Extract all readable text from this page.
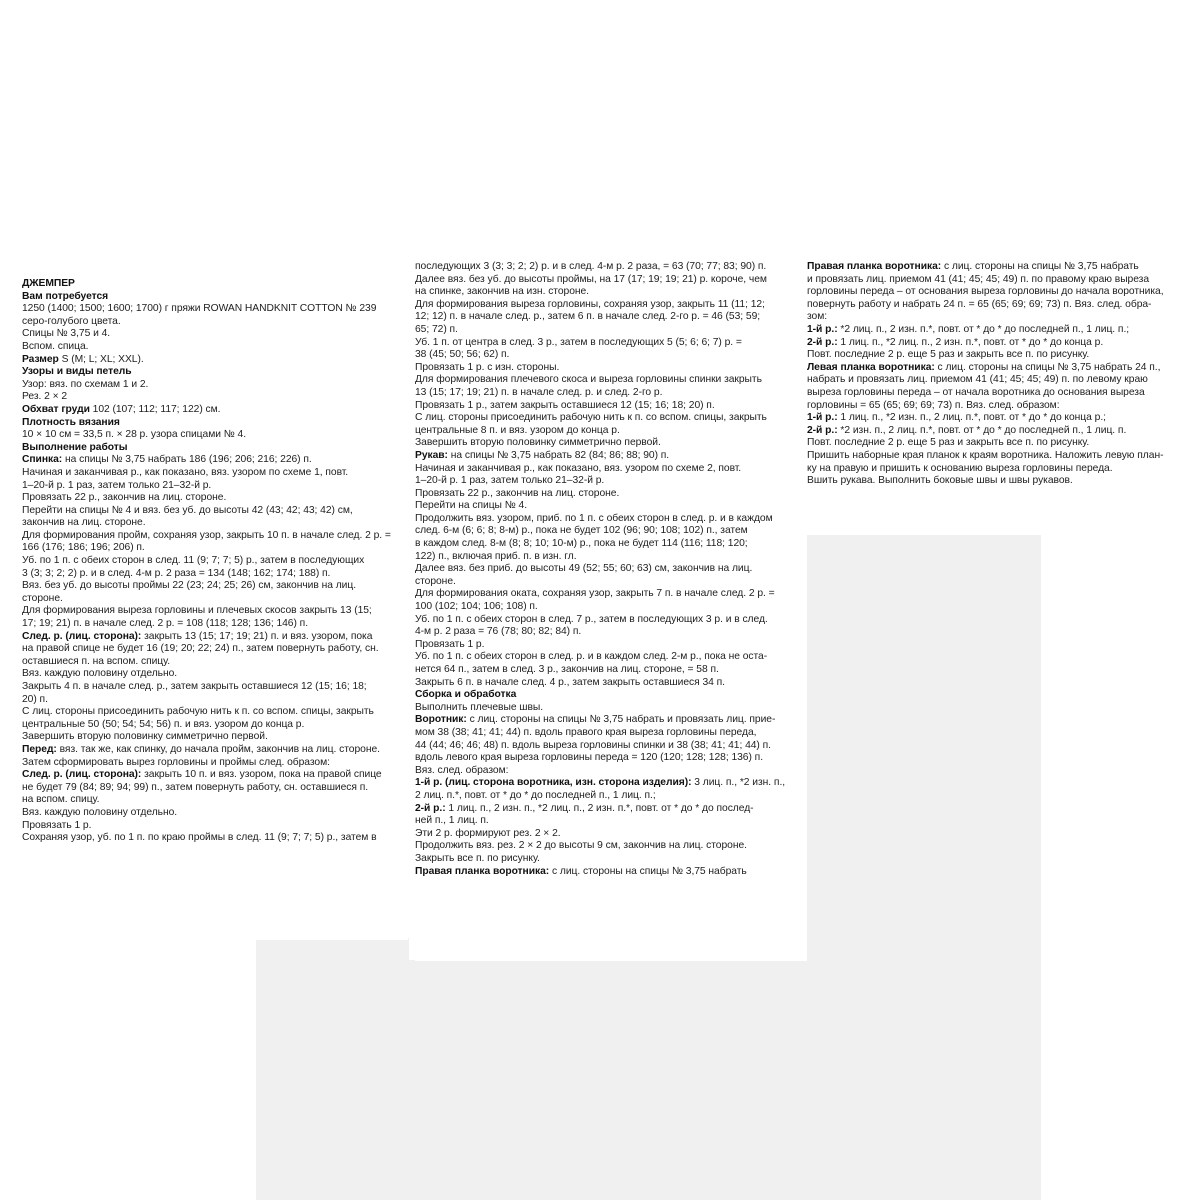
ДЖЕМПЕР
Вам потребуется
1250 (1400; 1500; 1600; 1700) г пряжи ROWAN HANDKNIT COTTON № 239
серо-голубого цвета.
Спицы № 3,75 и 4.
Вспом. спица.
Размер S (M; L; XL; XXL).
Узоры и виды петель
Узор: вяз. по схемам 1 и 2.
Рез. 2 × 2
Обхват груди 102 (107; 112; 117; 122) см.
Плотность вязания
10 × 10 см = 33,5 п. × 28 р. узора спицами № 4.
Выполнение работы
Спинка: на спицы № 3,75 набрать 186 (196; 206; 216; 226) п.
Начиная и заканчивая р., как показано, вяз. узором по схеме 1, повт.
1–20-й р. 1 раз, затем только 21–32-й р.
Провязать 22 р., закончив на лиц. стороне.
Перейти на спицы № 4 и вяз. без уб. до высоты 42 (43; 42; 43; 42) см,
закончив на лиц. стороне.
Для формирования пройм, сохраняя узор, закрыть 10 п. в начале след. 2 р. =
166 (176; 186; 196; 206) п.
Уб. по 1 п. с обеих сторон в след. 11 (9; 7; 7; 5) р., затем в последующих
3 (3; 3; 2; 2) р. и в след. 4-м р. 2 раза = 134 (148; 162; 174; 188) п.
Вяз. без уб. до высоты проймы 22 (23; 24; 25; 26) см, закончив на лиц.
стороне.
Для формирования выреза горловины и плечевых скосов закрыть 13 (15;
17; 19; 21) п. в начале след. 2 р. = 108 (118; 128; 136; 146) п.
След. р. (лиц. сторона): закрыть 13 (15; 17; 19; 21) п. и вяз. узором, пока
на правой спице не будет 16 (19; 20; 22; 24) п., затем повернуть работу, сн.
оставшиеся п. на вспом. спицу.
Вяз. каждую половину отдельно.
Закрыть 4 п. в начале след. р., затем закрыть оставшиеся 12 (15; 16; 18;
20) п.
С лиц. стороны присоединить рабочую нить к п. со вспом. спицы, закрыть
центральные 50 (50; 54; 54; 56) п. и вяз. узором до конца р.
Завершить вторую половинку симметрично первой.
Перед: вяз. так же, как спинку, до начала пройм, закончив на лиц. стороне.
Затем сформировать вырез горловины и проймы след. образом:
След. р. (лиц. сторона): закрыть 10 п. и вяз. узором, пока на правой спице
не будет 79 (84; 89; 94; 99) п., затем повернуть работу, сн. оставшиеся п.
на вспом. спицу.
Вяз. каждую половину отдельно.
Провязать 1 р.
Сохраняя узор, уб. по 1 п. по краю проймы в след. 11 (9; 7; 7; 5) р., затем в
последующих 3 (3; 3; 2; 2) р. и в след. 4-м р. 2 раза, = 63 (70; 77; 83; 90) п.
Далее вяз. без уб. до высоты проймы, на 17 (17; 19; 19; 21) р. короче, чем
на спинке, закончив на изн. стороне.
Для формирования выреза горловины, сохраняя узор, закрыть 11 (11; 12;
12; 12) п. в начале след. р., затем 6 п. в начале след. 2-го р. = 46 (53; 59;
65; 72) п.
Уб. 1 п. от центра в след. 3 р., затем в последующих 5 (5; 6; 6; 7) р. =
38 (45; 50; 56; 62) п.
Провязать 1 р. с изн. стороны.
Для формирования плечевого скоса и выреза горловины спинки закрыть
13 (15; 17; 19; 21) п. в начале след. р. и след. 2-го р.
Провязать 1 р., затем закрыть оставшиеся 12 (15; 16; 18; 20) п.
С лиц. стороны присоединить рабочую нить к п. со вспом. спицы, закрыть
центральные 8 п. и вяз. узором до конца р.
Завершить вторую половинку симметрично первой.
Рукав: на спицы № 3,75 набрать 82 (84; 86; 88; 90) п.
Начиная и заканчивая р., как показано, вяз. узором по схеме 2, повт.
1–20-й р. 1 раз, затем только 21–32-й р.
Провязать 22 р., закончив на лиц. стороне.
Перейти на спицы № 4.
Продолжить вяз. узором, приб. по 1 п. с обеих сторон в след. р. и в каждом
след. 6-м (6; 6; 8; 8-м) р., пока не будет 102 (96; 90; 108; 102) п., затем
в каждом след. 8-м (8; 8; 10; 10-м) р., пока не будет 114 (116; 118; 120;
122) п., включая приб. п. в изн. гл.
Далее вяз. без приб. до высоты 49 (52; 55; 60; 63) см, закончив на лиц.
стороне.
Для формирования оката, сохраняя узор, закрыть 7 п. в начале след. 2 р. =
100 (102; 104; 106; 108) п.
Уб. по 1 п. с обеих сторон в след. 7 р., затем в последующих 3 р. и в след.
4-м р. 2 раза = 76 (78; 80; 82; 84) п.
Провязать 1 р.
Уб. по 1 п. с обеих сторон в след. р. и в каждом след. 2-м р., пока не оста-
нется 64 п., затем в след. 3 р., закончив на лиц. стороне, = 58 п.
Закрыть 6 п. в начале след. 4 р., затем закрыть оставшиеся 34 п.
Сборка и обработка
Выполнить плечевые швы.
Воротник: с лиц. стороны на спицы № 3,75 набрать и провязать лиц. прие-
мом 38 (38; 41; 41; 44) п. вдоль правого края выреза горловины переда,
44 (44; 46; 46; 48) п. вдоль выреза горловины спинки и 38 (38; 41; 41; 44) п.
вдоль левого края выреза горловины переда = 120 (120; 128; 128; 136) п.
Вяз. след. образом:
1-й р. (лиц. сторона воротника, изн. сторона изделия): 3 лиц. п., *2 изн. п.,
2 лиц. п.*, повт. от * до * до последней п., 1 лиц. п.;
2-й р.: 1 лиц. п., 2 изн. п., *2 лиц. п., 2 изн. п.*, повт. от * до * до послед-
ней п., 1 лиц. п.
Эти 2 р. формируют рез. 2 × 2.
Продолжить вяз. рез. 2 × 2 до высоты 9 см, закончив на лиц. стороне.
Закрыть все п. по рисунку.
Правая планка воротника: с лиц. стороны на спицы № 3,75 набрать
Правая планка воротника: с лиц. стороны на спицы № 3,75 набрать
и провязать лиц. приемом 41 (41; 45; 45; 49) п. по правому краю выреза
горловины переда – от основания выреза горловины до начала воротника,
повернуть работу и набрать 24 п. = 65 (65; 69; 69; 73) п. Вяз. след. обра-
зом:
1-й р.: *2 лиц. п., 2 изн. п.*, повт. от * до * до последней п., 1 лиц. п.;
2-й р.: 1 лиц. п., *2 лиц. п., 2 изн. п.*, повт. от * до * до конца р.
Повт. последние 2 р. еще 5 раз и закрыть все п. по рисунку.
Левая планка воротника: с лиц. стороны на спицы № 3,75 набрать 24 п.,
набрать и провязать лиц. приемом 41 (41; 45; 45; 49) п. по левому краю
выреза горловины переда – от начала воротника до основания выреза
горловины = 65 (65; 69; 69; 73) п. Вяз. след. образом:
1-й р.: 1 лиц. п., *2 изн. п., 2 лиц. п.*, повт. от * до * до конца р.;
2-й р.: *2 изн. п., 2 лиц. п.*, повт. от * до * до последней п., 1 лиц. п.
Повт. последние 2 р. еще 5 раз и закрыть все п. по рисунку.
Пришить наборные края планок к краям воротника. Наложить левую план-
ку на правую и пришить к основанию выреза горловины переда.
Вшить рукава. Выполнить боковые швы и швы рукавов.
